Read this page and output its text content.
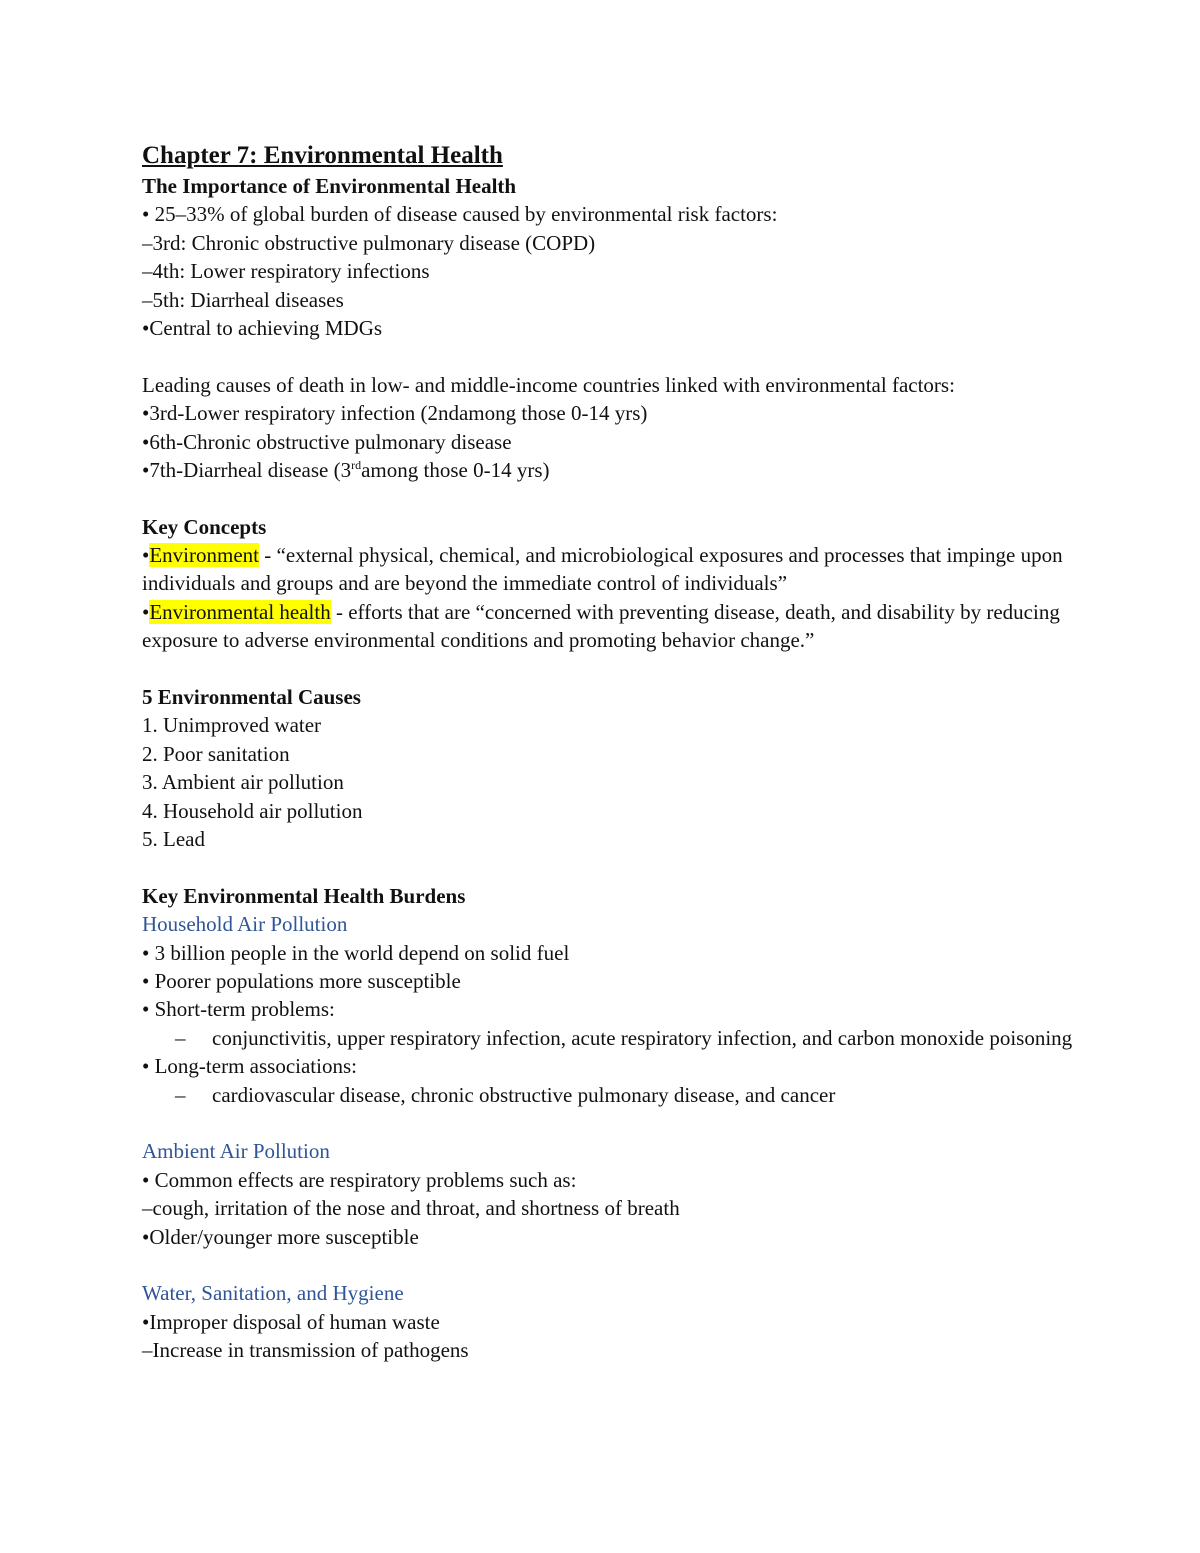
Chapter 7: Environmental Health
The Importance of Environmental Health
• 25–33% of global burden of disease caused by environmental risk factors:
–3rd: Chronic obstructive pulmonary disease (COPD)
–4th: Lower respiratory infections
–5th: Diarrheal diseases
•Central to achieving MDGs
Leading causes of death in low- and middle-income countries linked with environmental factors:
•3rd-Lower respiratory infection (2ndamong those 0-14 yrs)
•6th-Chronic obstructive pulmonary disease
•7th-Diarrheal disease (3rdamong those 0-14 yrs)
Key Concepts
•Environment - “external physical, chemical, and microbiological exposures and processes that impinge upon individuals and groups and are beyond the immediate control of individuals”
•Environmental health - efforts that are “concerned with preventing disease, death, and disability by reducing exposure to adverse environmental conditions and promoting behavior change.”
5 Environmental Causes
1. Unimproved water
2. Poor sanitation
3. Ambient air pollution
4. Household air pollution
5. Lead
Key Environmental Health Burdens
Household Air Pollution
• 3 billion people in the world depend on solid fuel
• Poorer populations more susceptible
• Short-term problems:
–	conjunctivitis, upper respiratory infection, acute respiratory infection, and carbon monoxide poisoning
• Long-term associations:
–	cardiovascular disease, chronic obstructive pulmonary disease, and cancer
Ambient Air Pollution
• Common effects are respiratory problems such as:
–cough, irritation of the nose and throat, and shortness of breath
•Older/younger more susceptible
Water, Sanitation, and Hygiene
•Improper disposal of human waste
–Increase in transmission of pathogens
